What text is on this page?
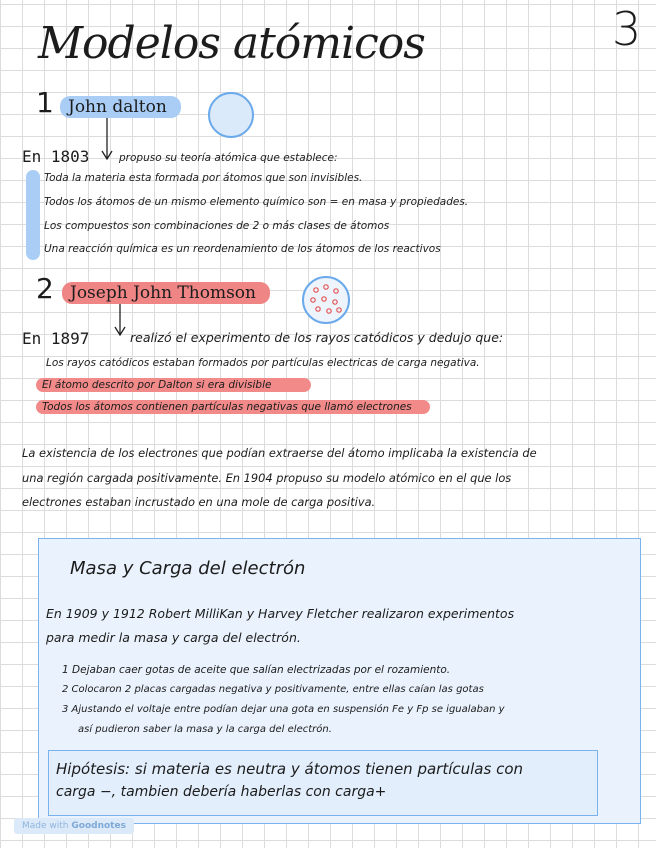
Modelos atómicos	3
1 John dalton
En 1803	propuso su teoría atómica que establece:
Toda la materia esta formada por átomos que son invisibles.
Todos los átomos de un mismo elemento químico son = en masa y propiedades.
Los compuestos son combinaciones de 2 o más clases de átomos
Una reacción química es un reordenamiento de los átomos de los reactivos
2 Joseph John Thomson
En 1897	realizó el experimento de los rayos catódicos y dedujo que:
Los rayos catódicos estaban formados por partículas electricas de carga negativa.
El átomo descrito por Dalton si era divisible
Todos los átomos contienen partículas negativas que llamó electrones
La existencia de los electrones que podían extraerse del átomo implicaba la existencia de
una región cargada positivamente. En 1904 propuso su modelo atómico en el que los
electrones estaban incrustado en una mole de carga positiva.
Masa y Carga del electrón
En 1909 y 1912 Robert MilliKan y Harvey Fletcher realizaron experimentos
para medir la masa y carga del electrón.
1 Dejaban caer gotas de aceite que salían electrizadas por el rozamiento.
2 Colocaron 2 placas cargadas negativa y positivamente, entre ellas caían las gotas
3 Ajustando el voltaje entre podían dejar una gota en suspensión Fe y Fp se igualaban y
así pudieron saber la masa y la carga del electrón.
Hipótesis: si materia es neutra y átomos tienen partículas con
carga −, tambien debería haberlas con carga+
Made with Goodnotes
